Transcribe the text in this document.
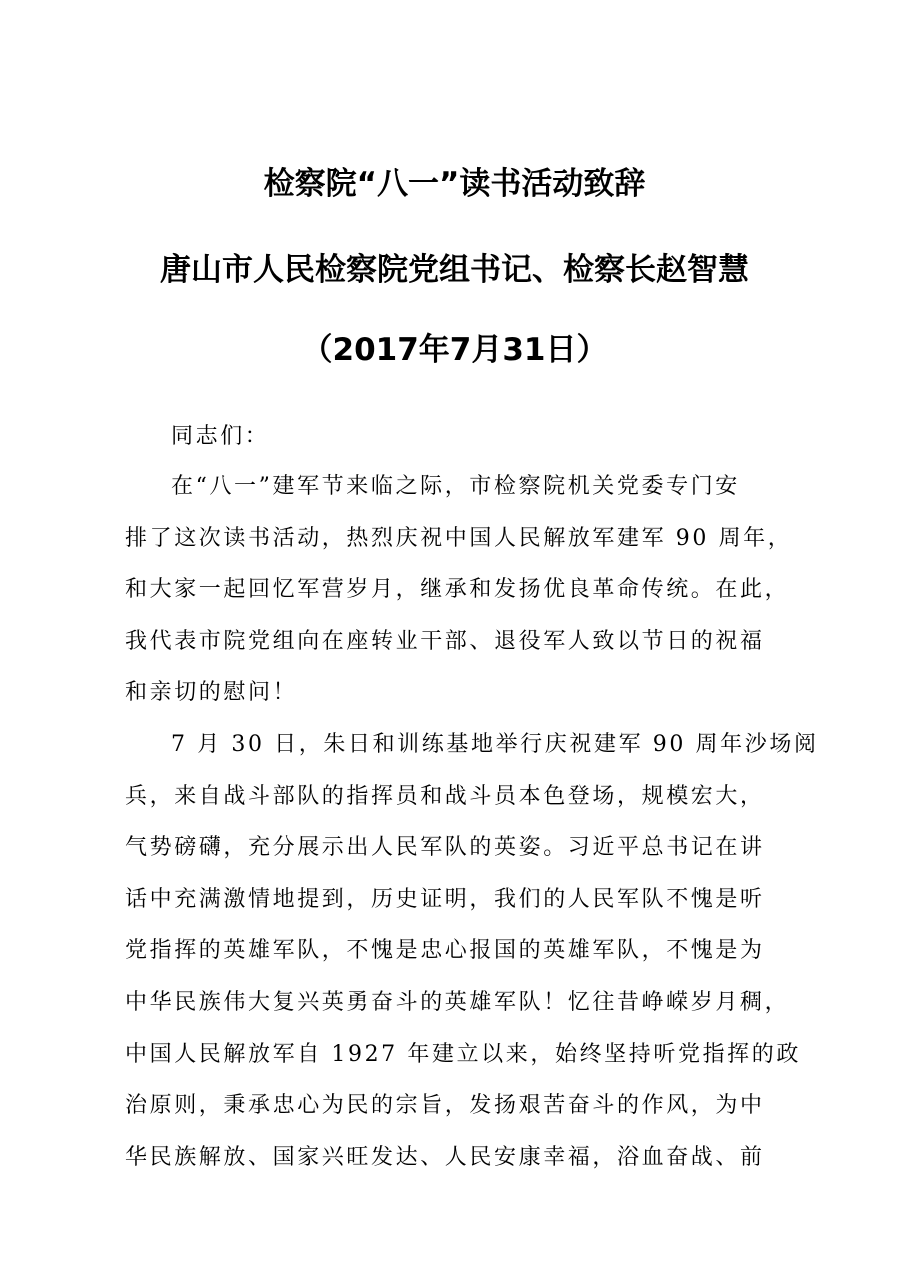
检察院“八一”读书活动致辞
唐山市人民检察院党组书记、检察长赵智慧
（2017年7月31日）
同志们：
在“八一”建军节来临之际，市检察院机关党委专门安
排了这次读书活动，热烈庆祝中国人民解放军建军 90 周年，
和大家一起回忆军营岁月，继承和发扬优良革命传统。在此，
我代表市院党组向在座转业干部、退役军人致以节日的祝福
和亲切的慰问！
7 月 30 日，朱日和训练基地举行庆祝建军 90 周年沙场阅
兵，来自战斗部队的指挥员和战斗员本色登场，规模宏大，
气势磅礴，充分展示出人民军队的英姿。习近平总书记在讲
话中充满激情地提到，历史证明，我们的人民军队不愧是听
党指挥的英雄军队，不愧是忠心报国的英雄军队，不愧是为
中华民族伟大复兴英勇奋斗的英雄军队！忆往昔峥嵘岁月稠，
中国人民解放军自 1927 年建立以来，始终坚持听党指挥的政
治原则，秉承忠心为民的宗旨，发扬艰苦奋斗的作风，为中
华民族解放、国家兴旺发达、人民安康幸福，浴血奋战、前
